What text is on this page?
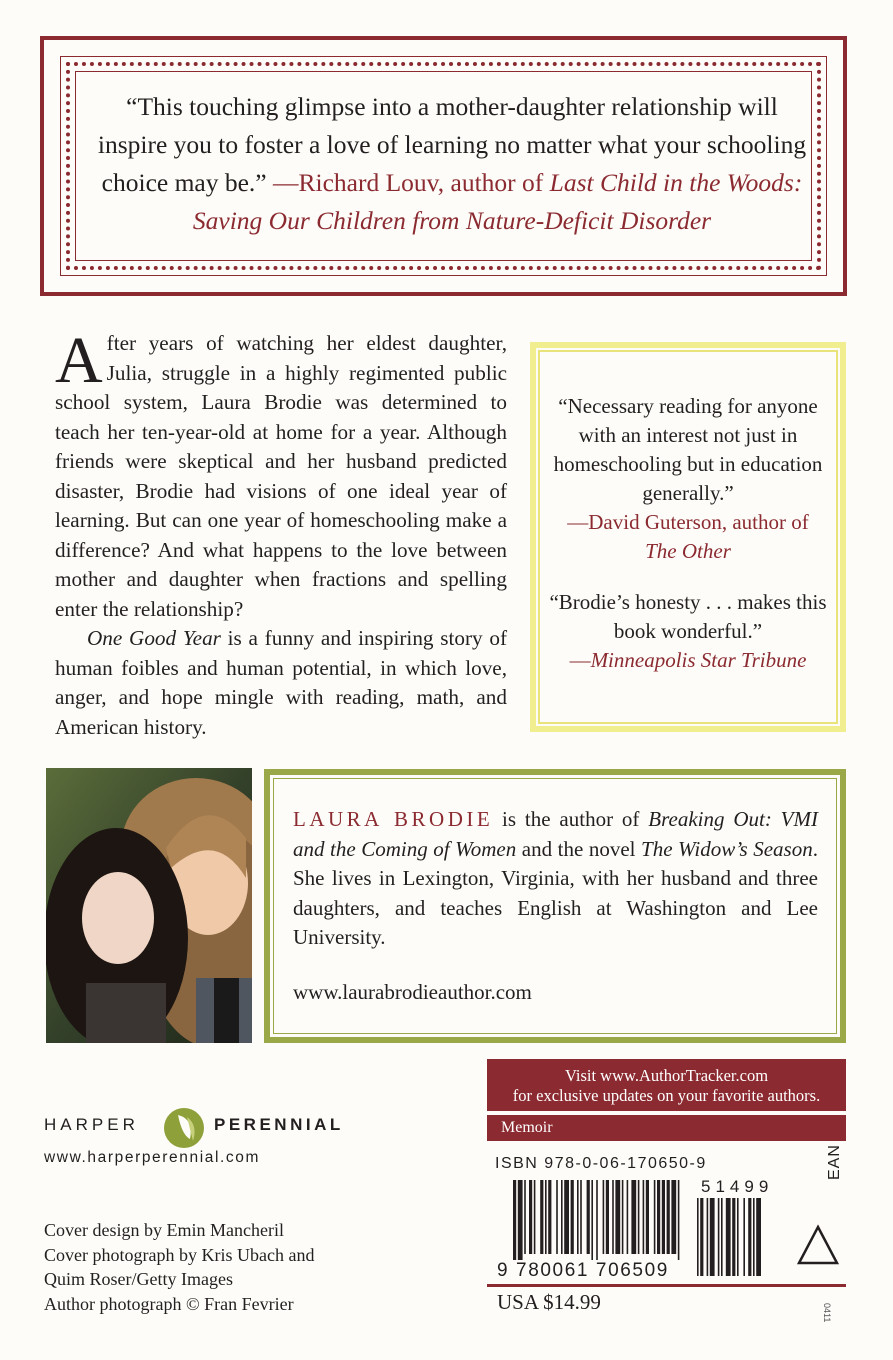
“This touching glimpse into a mother-daughter relationship will inspire you to foster a love of learning no matter what your schooling choice may be.” —Richard Louv, author of Last Child in the Woods: Saving Our Children from Nature-Deficit Disorder

After years of watching her eldest daughter, Julia, struggle in a highly regimented public school system, Laura Brodie was determined to teach her ten-year-old at home for a year. Although friends were skeptical and her husband predicted disaster, Brodie had visions of one ideal year of learning. But can one year of homeschooling make a difference? And what happens to the love between mother and daughter when fractions and spelling enter the relationship?

One Good Year is a funny and inspiring story of human foibles and human potential, in which love, anger, and hope mingle with reading, math, and American history.

“Necessary reading for anyone with an interest not just in homeschooling but in education generally.”
—David Guterson, author of
The Other

“Brodie’s honesty . . . makes this book wonderful.”
—Minneapolis Star Tribune

LAURA BRODIE is the author of Breaking Out: VMI and the Coming of Women and the novel The Widow’s Season. She lives in Lexington, Virginia, with her husband and three daughters, and teaches English at Washington and Lee University.

www.laurabrodieauthor.com
HARPER	PERENNIAL
www.harperperennial.com
Cover design by Emin Mancheril
Cover photograph by Kris Ubach and
Quim Roser/Getty Images
Author photograph © Fran Fevrier
Visit www.AuthorTracker.com
for exclusive updates on your favorite authors.
Memoir
ISBN 978-0-06-170650-9
9 780061 706509
51499
EAN
USA $14.99	0411
